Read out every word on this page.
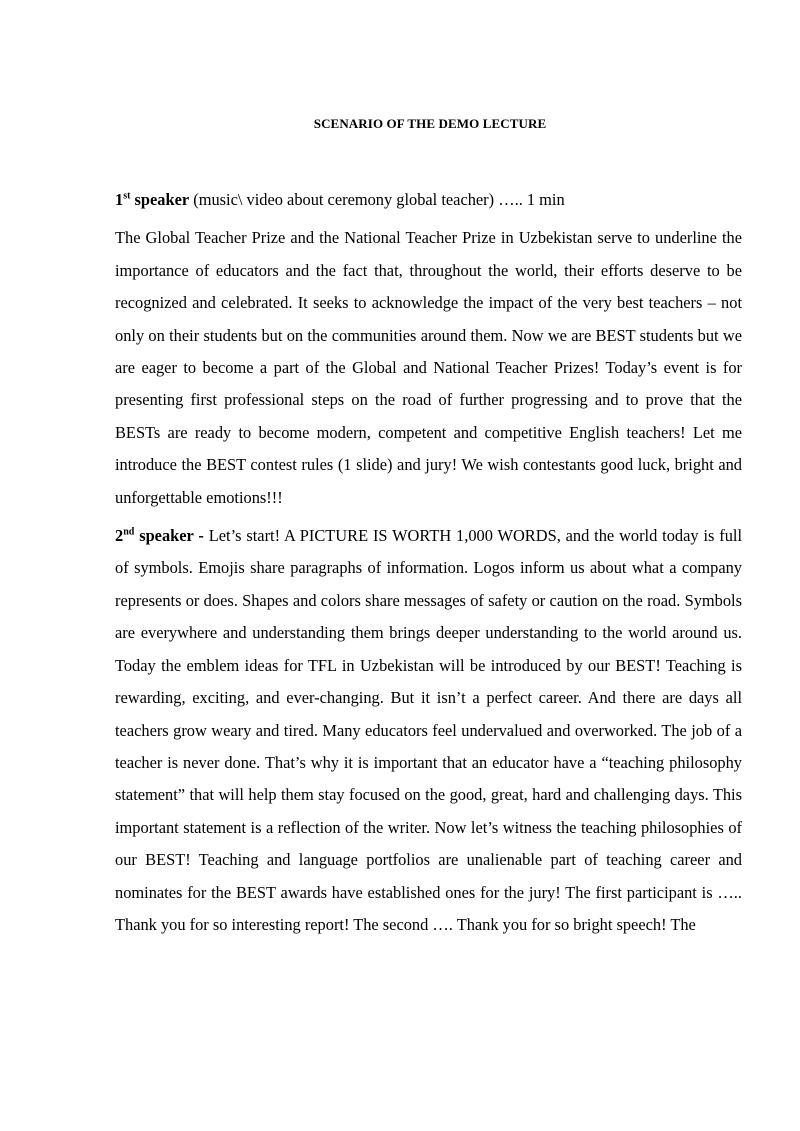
SCENARIO OF THE DEMO LECTURE

1st speaker (music\ video about ceremony global teacher) ….. 1 min

The Global Teacher Prize and the National Teacher Prize in Uzbekistan serve to underline the importance of educators and the fact that, throughout the world, their efforts deserve to be recognized and celebrated. It seeks to acknowledge the impact of the very best teachers – not only on their students but on the communities around them. Now we are BEST students but we are eager to become a part of the Global and National Teacher Prizes! Today’s event is for presenting first professional steps on the road of further progressing and to prove that the BESTs are ready to become modern, competent and competitive English teachers! Let me introduce the BEST contest rules (1 slide) and jury! We wish contestants good luck, bright and unforgettable emotions!!!

2nd speaker - Let’s start! A PICTURE IS WORTH 1,000 WORDS, and the world today is full of symbols. Emojis share paragraphs of information. Logos inform us about what a company represents or does. Shapes and colors share messages of safety or caution on the road. Symbols are everywhere and understanding them brings deeper understanding to the world around us. Today the emblem ideas for TFL in Uzbekistan will be introduced by our BEST! Teaching is rewarding, exciting, and ever-changing. But it isn’t a perfect career. And there are days all teachers grow weary and tired. Many educators feel undervalued and overworked. The job of a teacher is never done. That’s why it is important that an educator have a “teaching philosophy statement” that will help them stay focused on the good, great, hard and challenging days. This important statement is a reflection of the writer. Now let’s witness the teaching philosophies of our BEST! Teaching and language portfolios are unalienable part of teaching career and nominates for the BEST awards have established ones for the jury! The first participant is ….. Thank you for so interesting report! The second …. Thank you for so bright speech! The
